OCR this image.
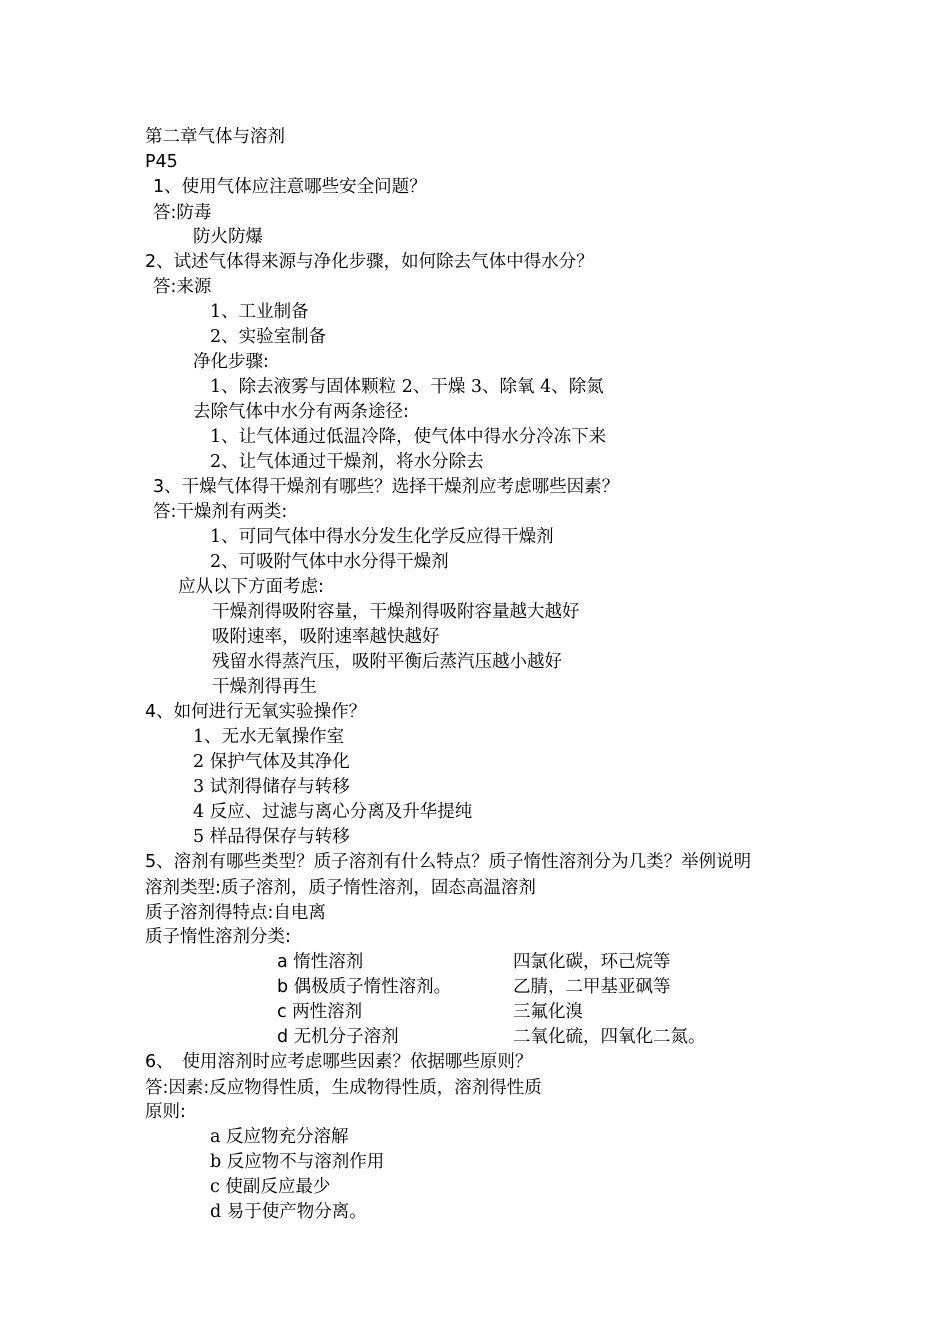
第二章气体与溶剂
P45
1、使用气体应注意哪些安全问题？
答:防毒
防火防爆
2、试述气体得来源与净化步骤，如何除去气体中得水分？
答:来源
1、工业制备
2、实验室制备
净化步骤:
1、除去液雾与固体颗粒 2、干燥 3、除氧 4、除氮
去除气体中水分有两条途径:
1、让气体通过低温冷降，使气体中得水分冷冻下来
2、让气体通过干燥剂，将水分除去
3、干燥气体得干燥剂有哪些？选择干燥剂应考虑哪些因素？
答:干燥剂有两类:
1、可同气体中得水分发生化学反应得干燥剂
2、可吸附气体中水分得干燥剂
应从以下方面考虑:
干燥剂得吸附容量，干燥剂得吸附容量越大越好
吸附速率，吸附速率越快越好
残留水得蒸汽压，吸附平衡后蒸汽压越小越好
干燥剂得再生
4、如何进行无氧实验操作？
1、无水无氧操作室
2 保护气体及其净化
3 试剂得储存与转移
4 反应、过滤与离心分离及升华提纯
5 样品得保存与转移
5、溶剂有哪些类型？质子溶剂有什么特点？质子惰性溶剂分为几类？举例说明
溶剂类型:质子溶剂，质子惰性溶剂，固态高温溶剂
质子溶剂得特点:自电离
质子惰性溶剂分类:
a 惰性溶剂	四氯化碳，环己烷等
b 偶极质子惰性溶剂。	乙腈，二甲基亚砜等
c 两性溶剂	三氟化溴
d 无机分子溶剂	二氧化硫，四氧化二氮。
6、　使用溶剂时应考虑哪些因素？依据哪些原则？
答:因素:反应物得性质，生成物得性质，溶剂得性质
原则:
a 反应物充分溶解
b 反应物不与溶剂作用
c 使副反应最少
d 易于使产物分离。
